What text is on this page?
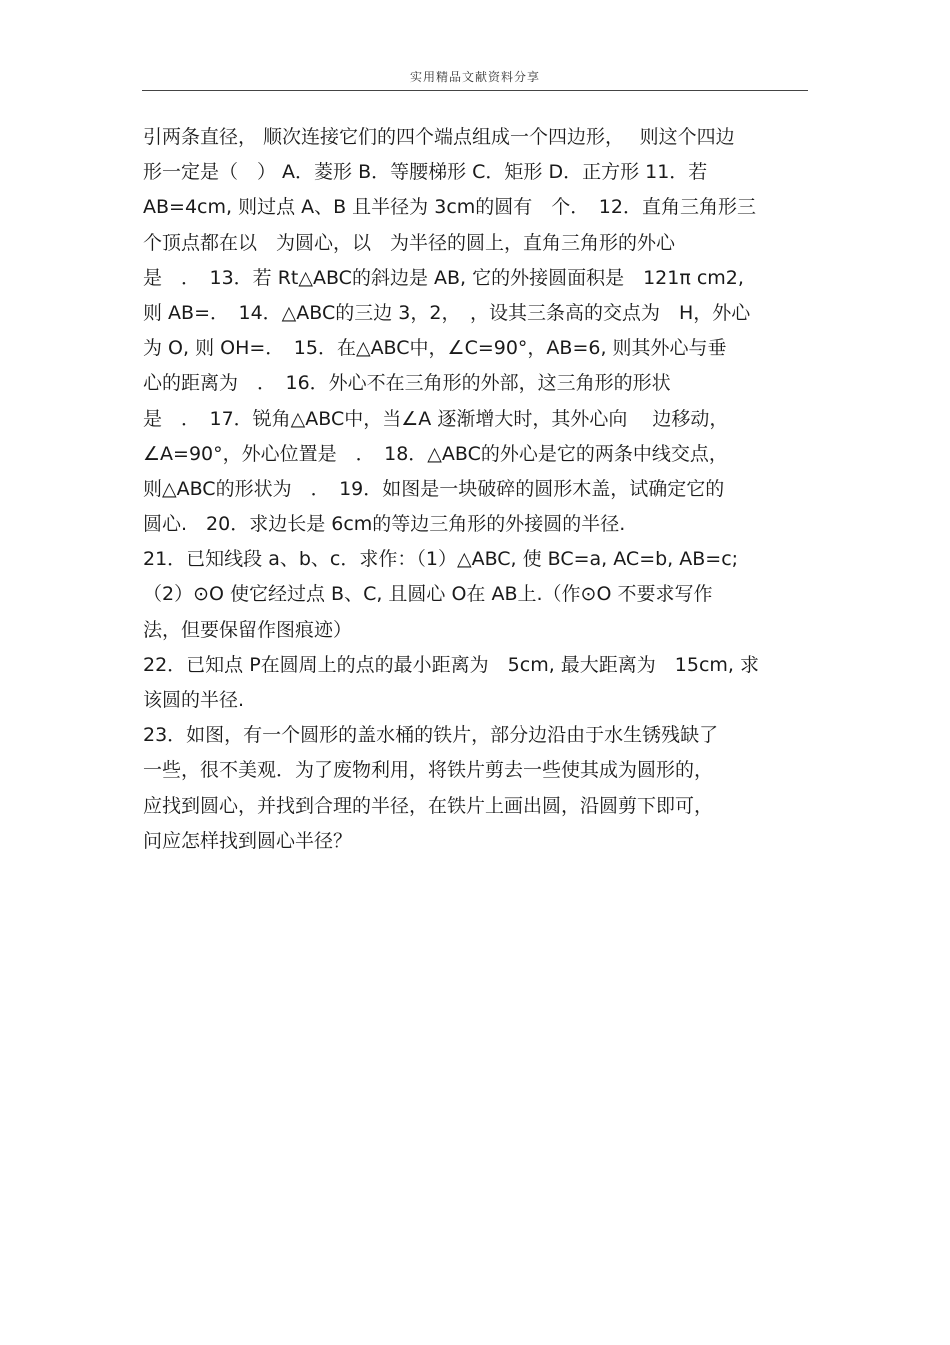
实用精品文献资料分享
引两条直径， 顺次连接它们的四个端点组成一个四边形，　 则这个四边
形一定是（　） A．菱形 B．等腰梯形 C．矩形 D．正方形 11．若
AB=4cm, 则过点 A、B 且半径为 3cm的圆有　个．　12．直角三角形三
个顶点都在以　为圆心，以　为半径的圆上，直角三角形的外心
是　．　13．若 Rt△ABC的斜边是 AB, 它的外接圆面积是　121π cm2,
则 AB=．　14．△ABC的三边 3，2，　，设其三条高的交点为　H，外心
为 O, 则 OH=．　15．在△ABC中，∠C=90°，AB=6, 则其外心与垂
心的距离为　．　16．外心不在三角形的外部，这三角形的形状
是　．　17．锐角△ABC中，当∠A 逐渐增大时，其外心向　 边移动，
∠A=90°，外心位置是　．　18．△ABC的外心是它的两条中线交点，
则△ABC的形状为　．　19．如图是一块破碎的圆形木盖，试确定它的
圆心.　20．求边长是 6cm的等边三角形的外接圆的半径.
21．已知线段 a、b、c．求作：（1）△ABC, 使 BC=a, AC=b, AB=c;
（2）⊙O 使它经过点 B、C, 且圆心 O在 AB上.（作⊙O 不要求写作
法，但要保留作图痕迹）
22．已知点 P在圆周上的点的最小距离为　5cm, 最大距离为　15cm, 求
该圆的半径.
23．如图，有一个圆形的盖水桶的铁片，部分边沿由于水生锈残缺了
一些，很不美观．为了废物利用，将铁片剪去一些使其成为圆形的，
应找到圆心，并找到合理的半径，在铁片上画出圆，沿圆剪下即可，
问应怎样找到圆心半径？
